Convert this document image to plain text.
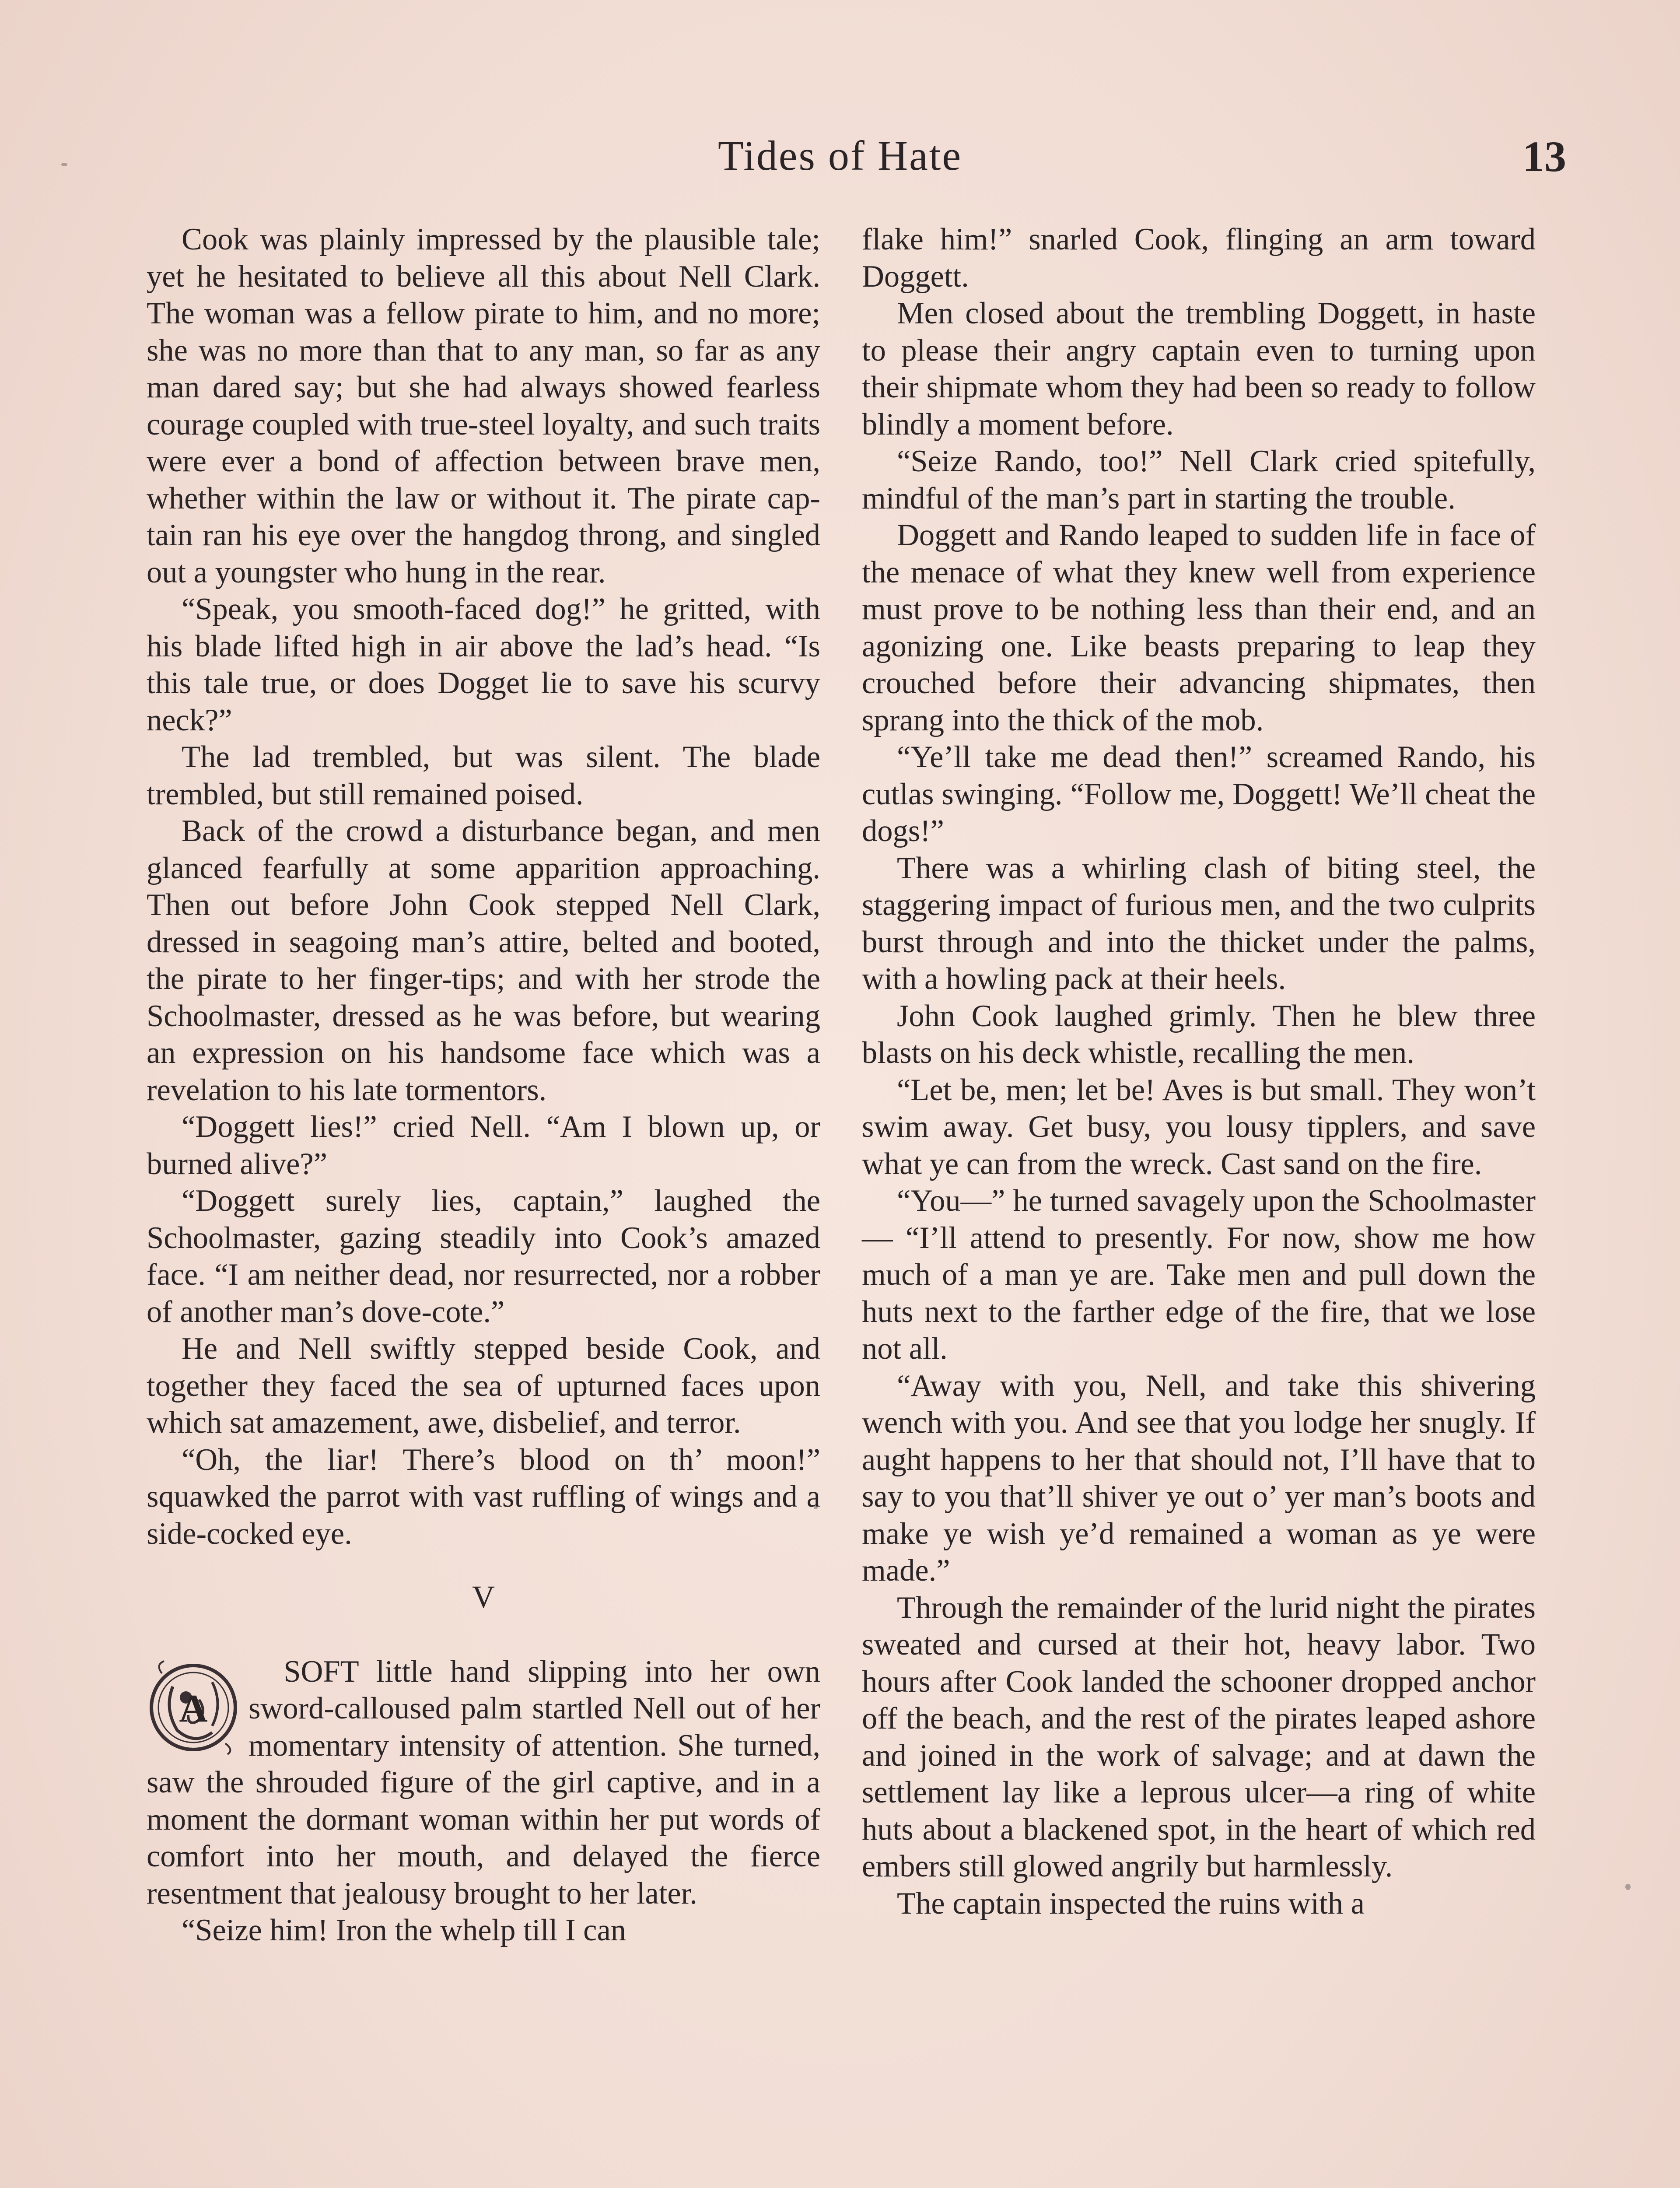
Tides of Hate	13

Cook was plainly impressed by the plausible tale; yet he hesitated to believe all this about Nell Clark. The woman was a fellow pirate to him, and no more; she was no more than that to any man, so far as any man dared say; but she had always showed fearless courage coupled with true-steel loyalty, and such traits were ever a bond of affection between brave men, whether within the law or without it. The pirate captain ran his eye over the hangdog throng, and singled out a youngster who hung in the rear.

“Speak, you smooth-faced dog!” he gritted, with his blade lifted high in air above the lad’s head. “Is this tale true, or does Dogget lie to save his scurvy neck?”

The lad trembled, but was silent. The blade trembled, but still remained poised.

Back of the crowd a disturbance began, and men glanced fearfully at some apparition approaching. Then out before John Cook stepped Nell Clark, dressed in seagoing man’s attire, belted and booted, the pirate to her finger-tips; and with her strode the Schoolmaster, dressed as he was before, but wearing an expression on his handsome face which was a revelation to his late tormentors.

“Doggett lies!” cried Nell. “Am I blown up, or burned alive?”

“Doggett surely lies, captain,” laughed the Schoolmaster, gazing steadily into Cook’s amazed face. “I am neither dead, nor resurrected, nor a robber of another man’s dove-cote.”

He and Nell swiftly stepped beside Cook, and together they faced the sea of upturned faces upon which sat amazement, awe, disbelief, and terror.

“Oh, the liar! There’s blood on th’ moon!” squawked the parrot with vast ruffling of wings and a side-cocked eye.

V

A
SOFT little hand slipping into her own sword-calloused palm startled Nell out of her momentary intensity of attention. She turned, saw the shrouded figure of the girl captive, and in a moment the dormant woman within her put words of comfort into her mouth, and delayed the fierce resentment that jealousy brought to her later.

“Seize him! Iron the whelp till I can

flake him!” snarled Cook, flinging an arm toward Doggett.

Men closed about the trembling Doggett, in haste to please their angry captain even to turning upon their shipmate whom they had been so ready to follow blindly a moment before.

“Seize Rando, too!” Nell Clark cried spitefully, mindful of the man’s part in starting the trouble.

Doggett and Rando leaped to sudden life in face of the menace of what they knew well from experience must prove to be nothing less than their end, and an agonizing one. Like beasts preparing to leap they crouched before their advancing shipmates, then sprang into the thick of the mob.

“Ye’ll take me dead then!” screamed Rando, his cutlas swinging. “Follow me, Doggett! We’ll cheat the dogs!”

There was a whirling clash of biting steel, the staggering impact of furious men, and the two culprits burst through and into the thicket under the palms, with a howling pack at their heels.

John Cook laughed grimly. Then he blew three blasts on his deck whistle, recalling the men.

“Let be, men; let be! Aves is but small. They won’t swim away. Get busy, you lousy tipplers, and save what ye can from the wreck. Cast sand on the fire.

“You—” he turned savagely upon the Schoolmaster— “I’ll attend to presently. For now, show me how much of a man ye are. Take men and pull down the huts next to the farther edge of the fire, that we lose not all.

“Away with you, Nell, and take this shivering wench with you. And see that you lodge her snugly. If aught happens to her that should not, I’ll have that to say to you that’ll shiver ye out o’ yer man’s boots and make ye wish ye’d remained a woman as ye were made.”

Through the remainder of the lurid night the pirates sweated and cursed at their hot, heavy labor. Two hours after Cook landed the schooner dropped anchor off the beach, and the rest of the pirates leaped ashore and joined in the work of salvage; and at dawn the settlement lay like a leprous ulcer—a ring of white huts about a blackened spot, in the heart of which red embers still glowed angrily but harmlessly.

The captain inspected the ruins with a
